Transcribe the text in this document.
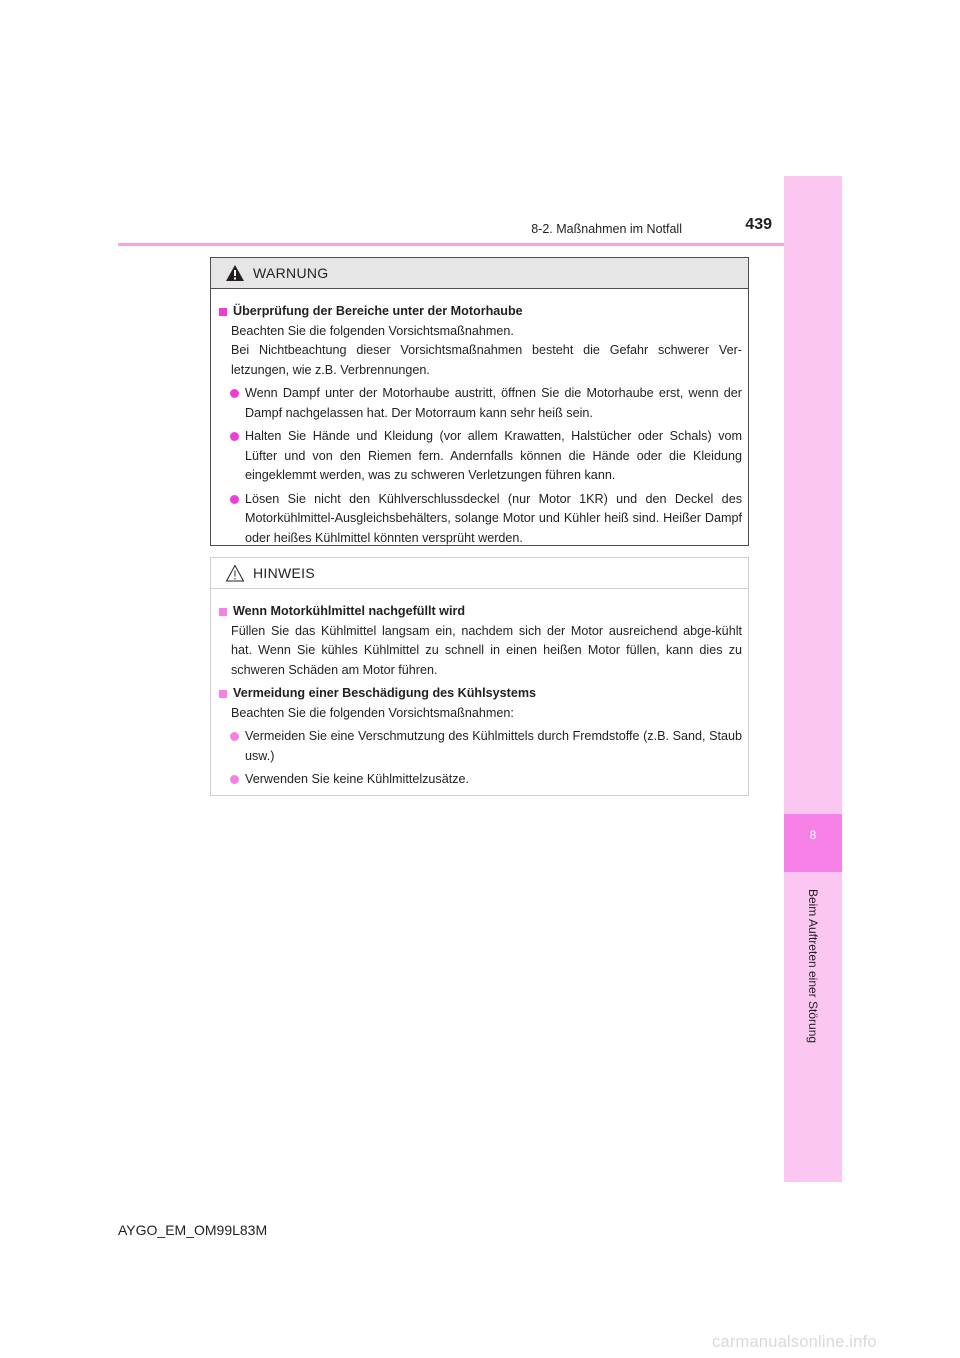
8-2. Maßnahmen im Notfall	439
8
Beim Auftreten einer Störung
WARNUNG
Überprüfung der Bereiche unter der Motorhaube
Beachten Sie die folgenden Vorsichtsmaßnahmen.
Bei Nichtbeachtung dieser Vorsichtsmaßnahmen besteht die Gefahr schwerer Ver-letzungen, wie z.B. Verbrennungen.
Wenn Dampf unter der Motorhaube austritt, öffnen Sie die Motorhaube erst, wenn der Dampf nachgelassen hat. Der Motorraum kann sehr heiß sein.
Halten Sie Hände und Kleidung (vor allem Krawatten, Halstücher oder Schals) vom Lüfter und von den Riemen fern. Andernfalls können die Hände oder die Kleidung eingeklemmt werden, was zu schweren Verletzungen führen kann.
Lösen Sie nicht den Kühlverschlussdeckel (nur Motor 1KR) und den Deckel des Motorkühlmittel-Ausgleichsbehälters, solange Motor und Kühler heiß sind. Heißer Dampf oder heißes Kühlmittel könnten versprüht werden.
HINWEIS
Wenn Motorkühlmittel nachgefüllt wird
Füllen Sie das Kühlmittel langsam ein, nachdem sich der Motor ausreichend abge-kühlt hat. Wenn Sie kühles Kühlmittel zu schnell in einen heißen Motor füllen, kann dies zu schweren Schäden am Motor führen.
Vermeidung einer Beschädigung des Kühlsystems
Beachten Sie die folgenden Vorsichtsmaßnahmen:
Vermeiden Sie eine Verschmutzung des Kühlmittels durch Fremdstoffe (z.B. Sand, Staub usw.)
Verwenden Sie keine Kühlmittelzusätze.
AYGO_EM_OM99L83M
carmanualsonline.info
